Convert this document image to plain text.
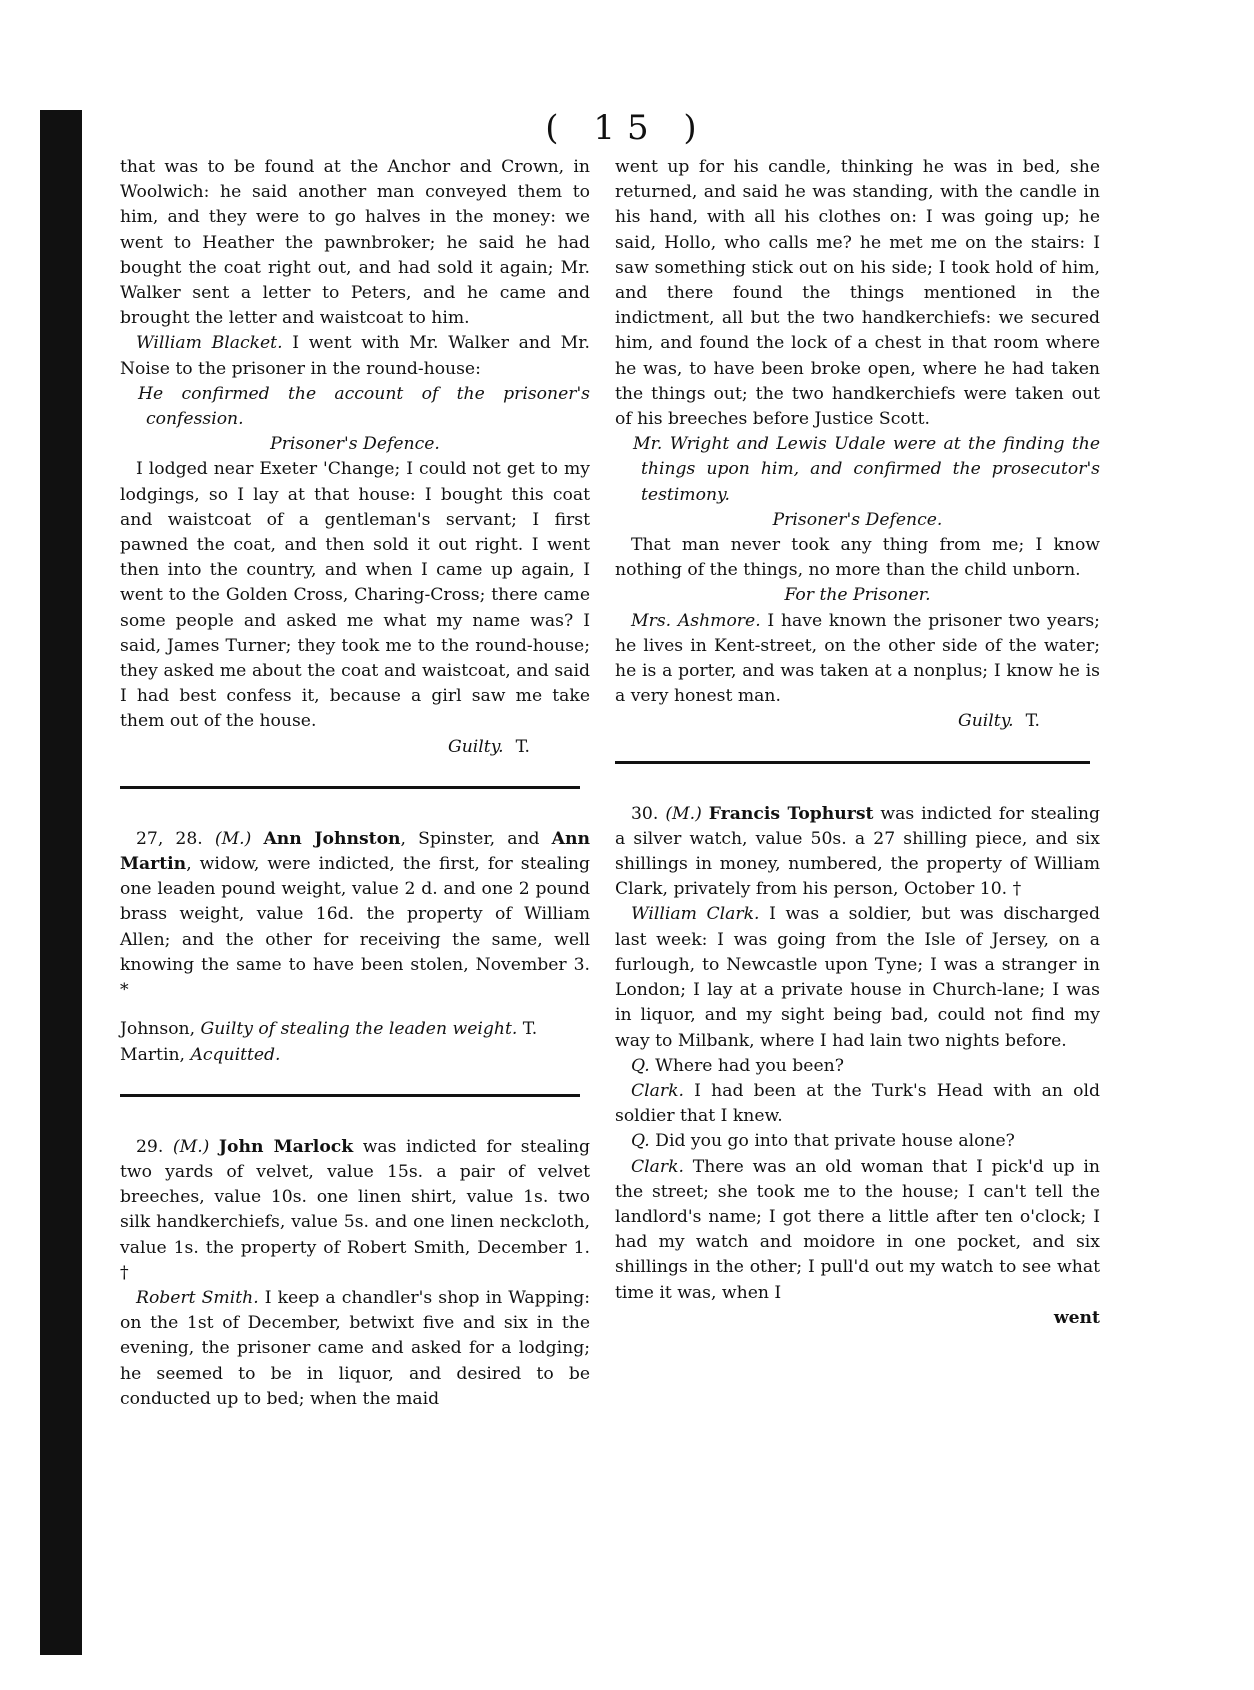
( 15 )

that was to be found at the Anchor and Crown, in Woolwich: he said another man conveyed them to him, and they were to go halves in the money: we went to Heather the pawnbroker; he said he had bought the coat right out, and had sold it again; Mr. Walker sent a letter to Peters, and he came and brought the letter and waistcoat to him.

William Blacket. I went with Mr. Walker and Mr. Noise to the prisoner in the round-house:

He confirmed the account of the prisoner's confession.

Prisoner's Defence.

I lodged near Exeter 'Change; I could not get to my lodgings, so I lay at that house: I bought this coat and waistcoat of a gentleman's servant; I first pawned the coat, and then sold it out right. I went then into the country, and when I came up again, I went to the Golden Cross, Charing-Cross; there came some people and asked me what my name was? I said, James Turner; they took me to the round-house; they asked me about the coat and waistcoat, and said I had best confess it, because a girl saw me take them out of the house.

Guilty. T.

27, 28. (M.) Ann Johnston, Spinster, and Ann Martin, widow, were indicted, the first, for stealing one leaden pound weight, value 2 d. and one 2 pound brass weight, value 16d. the property of William Allen; and the other for receiving the same, well knowing the same to have been stolen, November 3. *

Johnson, Guilty of stealing the leaden weight. T.
Martin, Acquitted.

29. (M.) John Marlock was indicted for stealing two yards of velvet, value 15s. a pair of velvet breeches, value 10s. one linen shirt, value 1s. two silk handkerchiefs, value 5s. and one linen neckcloth, value 1s. the property of Robert Smith, December 1. †

Robert Smith. I keep a chandler's shop in Wapping: on the 1st of December, betwixt five and six in the evening, the prisoner came and asked for a lodging; he seemed to be in liquor, and desired to be conducted up to bed; when the maid

went up for his candle, thinking he was in bed, she returned, and said he was standing, with the candle in his hand, with all his clothes on: I was going up; he said, Hollo, who calls me? he met me on the stairs: I saw something stick out on his side; I took hold of him, and there found the things mentioned in the indictment, all but the two handkerchiefs: we secured him, and found the lock of a chest in that room where he was, to have been broke open, where he had taken the things out; the two handkerchiefs were taken out of his breeches before Justice Scott.

Mr. Wright and Lewis Udale were at the finding the things upon him, and confirmed the prosecutor's testimony.

Prisoner's Defence.

That man never took any thing from me; I know nothing of the things, no more than the child unborn.

For the Prisoner.

Mrs. Ashmore. I have known the prisoner two years; he lives in Kent-street, on the other side of the water; he is a porter, and was taken at a nonplus; I know he is a very honest man.

Guilty. T.

30. (M.) Francis Tophurst was indicted for stealing a silver watch, value 50s. a 27 shilling piece, and six shillings in money, numbered, the property of William Clark, privately from his person, October 10. †

William Clark. I was a soldier, but was discharged last week: I was going from the Isle of Jersey, on a furlough, to Newcastle upon Tyne; I was a stranger in London; I lay at a private house in Church-lane; I was in liquor, and my sight being bad, could not find my way to Milbank, where I had lain two nights before.

Q. Where had you been?

Clark. I had been at the Turk's Head with an old soldier that I knew.

Q. Did you go into that private house alone?

Clark. There was an old woman that I pick'd up in the street; she took me to the house; I can't tell the landlord's name; I got there a little after ten o'clock; I had my watch and moidore in one pocket, and six shillings in the other; I pull'd out my watch to see what time it was, when I

went
